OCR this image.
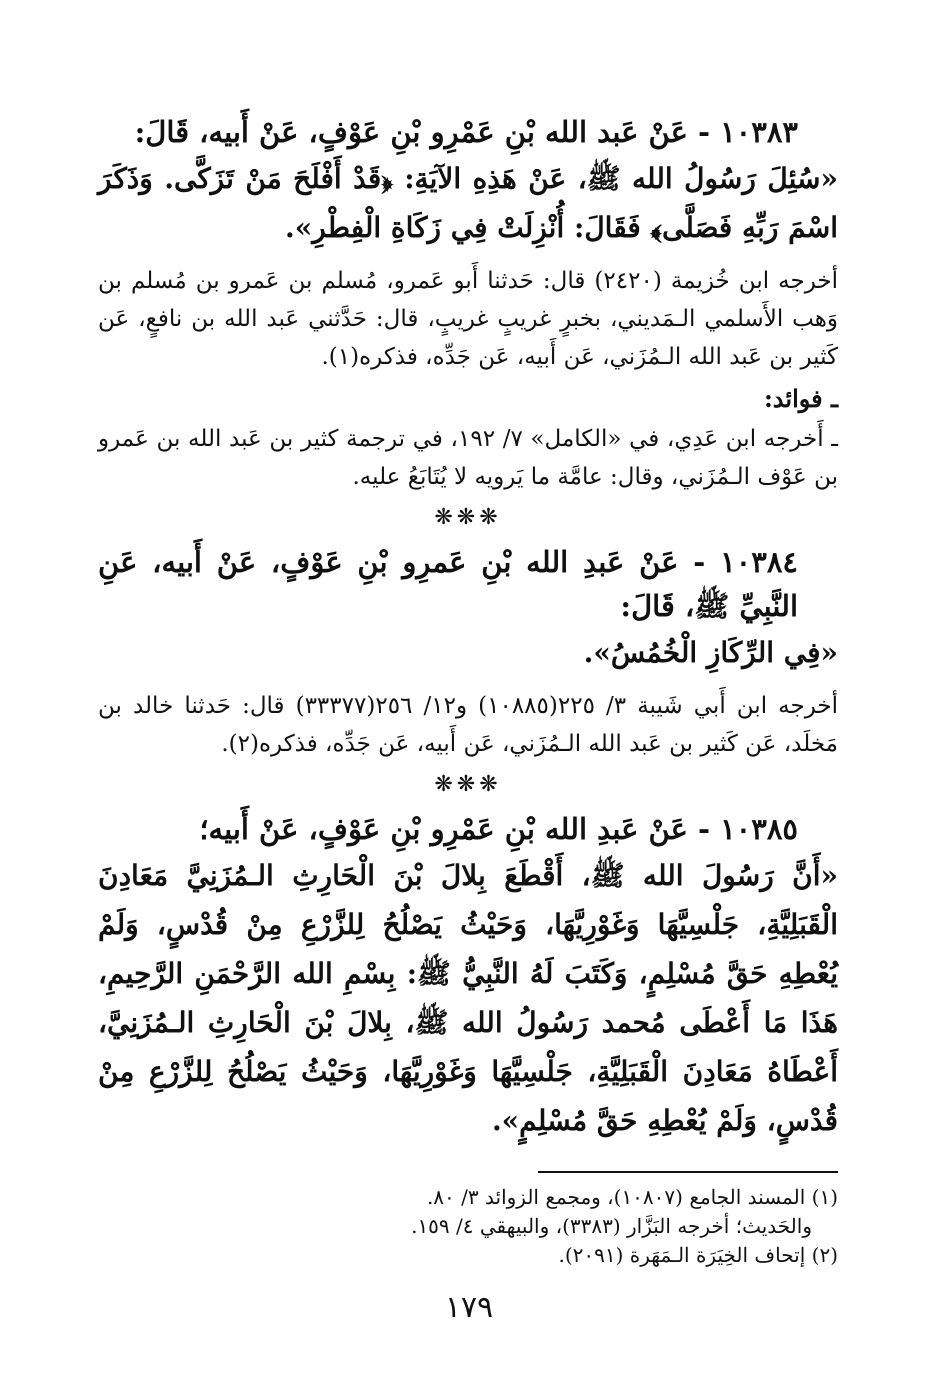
١٠٣٨٣ - عَنْ عَبد الله بْنِ عَمْرِو بْنِ عَوْفٍ، عَنْ أَبيه، قَالَ:

«سُئِلَ رَسُولُ الله ﷺ، عَنْ هَذِهِ الآيَةِ: ﴿قَدْ أَفْلَحَ مَنْ تَزَكَّى. وَذَكَرَ اسْمَ رَبِّهِ فَصَلَّى﴾ فَقَالَ: أُنْزِلَتْ فِي زَكَاةِ الْفِطْرِ».

أخرجه ابن خُزيمة (٢٤٢٠) قال: حَدثنا أَبو عَمرو، مُسلم بن عَمرو بن مُسلم بن وَهب الأَسلمي الـمَديني، بخبرٍ غريبٍ غريبٍ، قال: حَدَّثني عَبد الله بن نافعٍ، عَن كَثير بن عَبد الله الـمُزَني، عَن أَبيه، عَن جَدِّه، فذكره(١).

ـ فوائد:

ـ أَخرجه ابن عَدِي، في «الكامل» ٧/ ١٩٢، في ترجمة كثير بن عَبد الله بن عَمرو بن عَوْف الـمُزَني، وقال: عامَّة ما يَرويه لا يُتَابَعُ عليه.

❋❋❋

١٠٣٨٤ - عَنْ عَبدِ الله بْنِ عَمرِو بْنِ عَوْفٍ، عَنْ أَبيه، عَنِ النَّبِيِّ ﷺ، قَالَ:

«فِي الرِّكَازِ الْخُمُسُ».

أخرجه ابن أَبي شَيبة ٣/ ٢٢٥(١٠٨٨٥) و١٢/ ٢٥٦(٣٣٣٧٧) قال: حَدثنا خالد بن مَخلَد، عَن كَثير بن عَبد الله الـمُزَني، عَن أَبيه، عَن جَدِّه، فذكره(٢).

❋❋❋

١٠٣٨٥ - عَنْ عَبدِ الله بْنِ عَمْرِو بْنِ عَوْفٍ، عَنْ أَبيه؛

«أَنَّ رَسُولَ الله ﷺ، أَقْطَعَ بِلالَ بْنَ الْحَارِثِ الـمُزَنِيَّ مَعَادِنَ الْقَبَلِيَّةِ، جَلْسِيَّهَا وَغَوْرِيَّهَا، وَحَيْثُ يَصْلُحُ لِلزَّرْعِ مِنْ قُدْسٍ، وَلَمْ يُعْطِهِ حَقَّ مُسْلِمٍ، وَكَتَبَ لَهُ النَّبِيُّ ﷺ: بِسْمِ الله الرَّحْمَنِ الرَّحِيمِ، هَذَا مَا أَعْطَى مُحمد رَسُولُ الله ﷺ، بِلالَ بْنَ الْحَارِثِ الـمُزَنِيَّ، أَعْطَاهُ مَعَادِنَ الْقَبَلِيَّةِ، جَلْسِيَّهَا وَغَوْرِيَّهَا، وَحَيْثُ يَصْلُحُ لِلزَّرْعِ مِنْ قُدْسٍ، وَلَمْ يُعْطِهِ حَقَّ مُسْلِمٍ».

(١) المسند الجامع (١٠٨٠٧)، ومجمع الزوائد ٣/ ٨٠.

والحَديث؛ أخرجه البَزَّار (٣٣٨٣)، والبيهقي ٤/ ١٥٩.

(٢) إتحاف الخِيَرَة الـمَهَرة (٢٠٩١).

١٧٩
